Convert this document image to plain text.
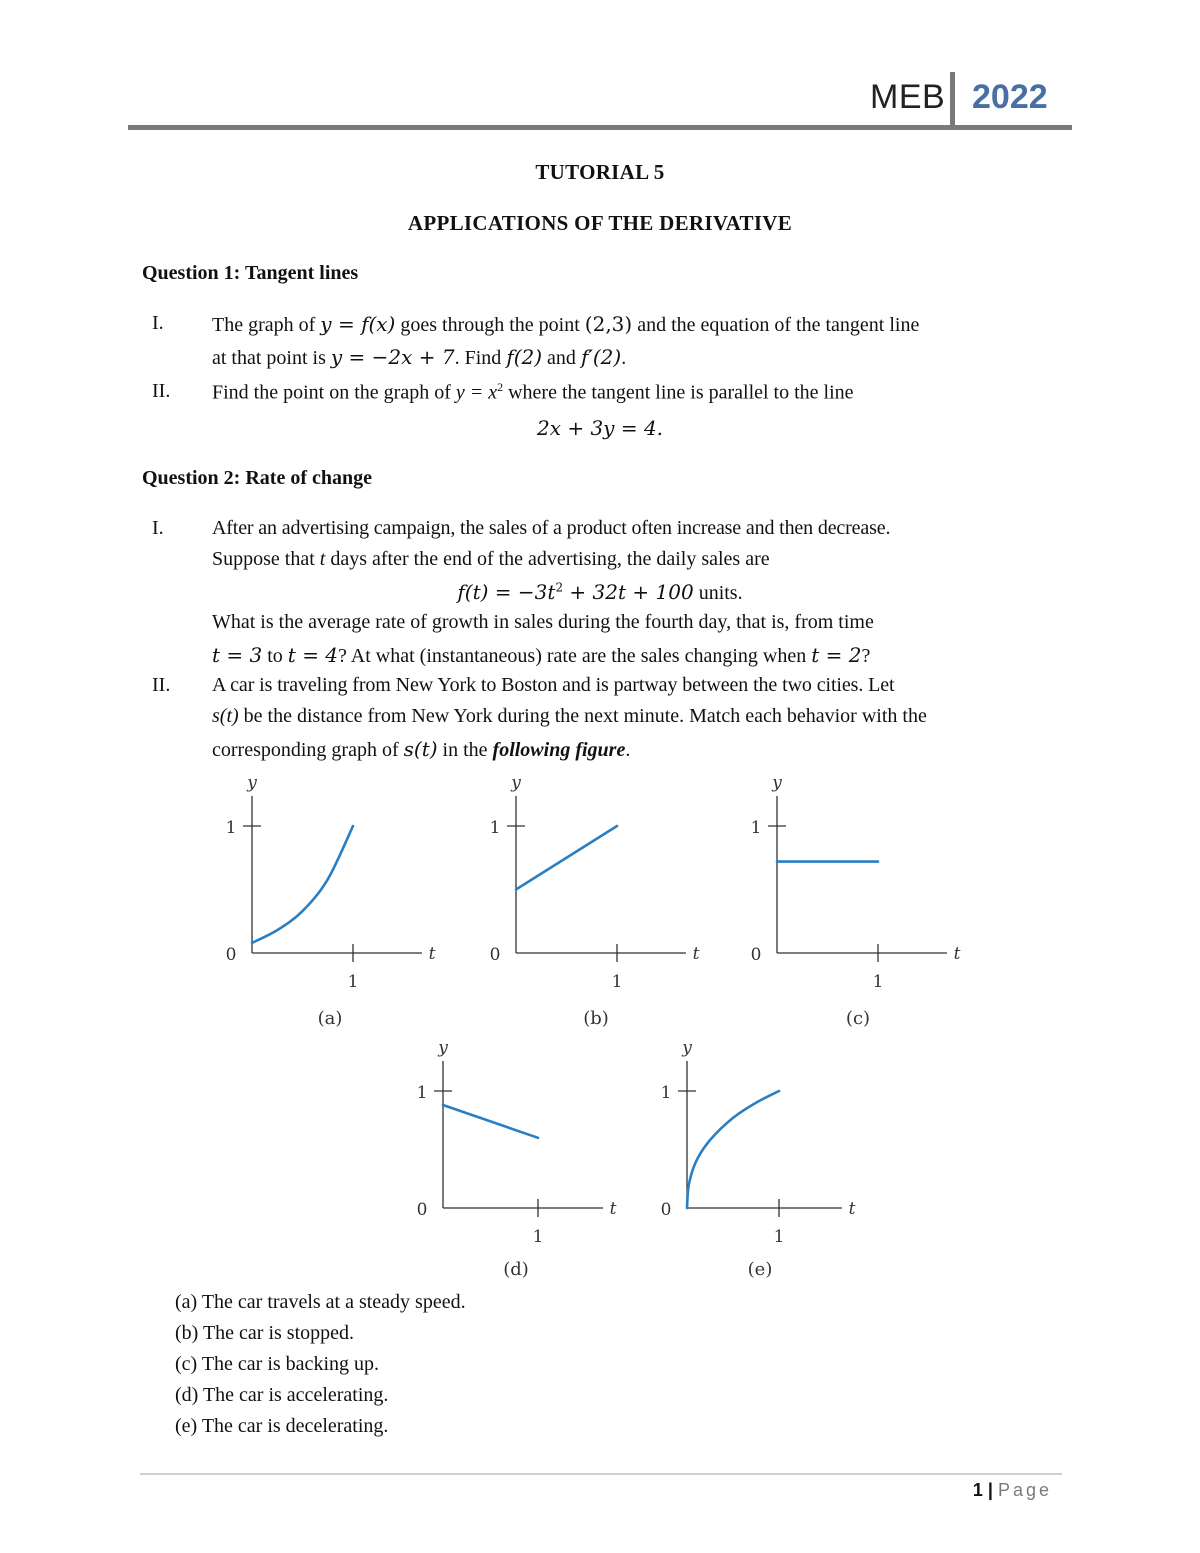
MEB 2022
TUTORIAL 5
APPLICATIONS OF THE DERIVATIVE
Question 1: Tangent lines
I. The graph of y = f(x) goes through the point (2,3) and the equation of the tangent line
at that point is y = −2x + 7. Find f(2) and f′(2).
II. Find the point on the graph of $y = x^2$ where the tangent line is parallel to the line
2x + 3y = 4.
Question 2: Rate of change
I. After an advertising campaign, the sales of a product often increase and then decrease.
Suppose that t days after the end of the advertising, the daily sales are
$f(t) = -3t^2 + 32t + 100$ units.
What is the average rate of growth in sales during the fourth day, that is, from time
t = 3 to t = 4? At what (instantaneous) rate are the sales changing when t = 2?
II. A car is traveling from New York to Boston and is partway between the two cities. Let
s(t) be the distance from New York during the next minute. Match each behavior with the
corresponding graph of s(t) in the following figure.
y
t
0
1
1
(a)
y
t
0
1
1
(b)
y
t
0
1
1
(c)
y
t
0
1
1
(d)
y
t
0
1
1
(e)
(a) The car travels at a steady speed.
(b) The car is stopped.
(c) The car is backing up.
(d) The car is accelerating.
(e) The car is decelerating.
1 | Page
